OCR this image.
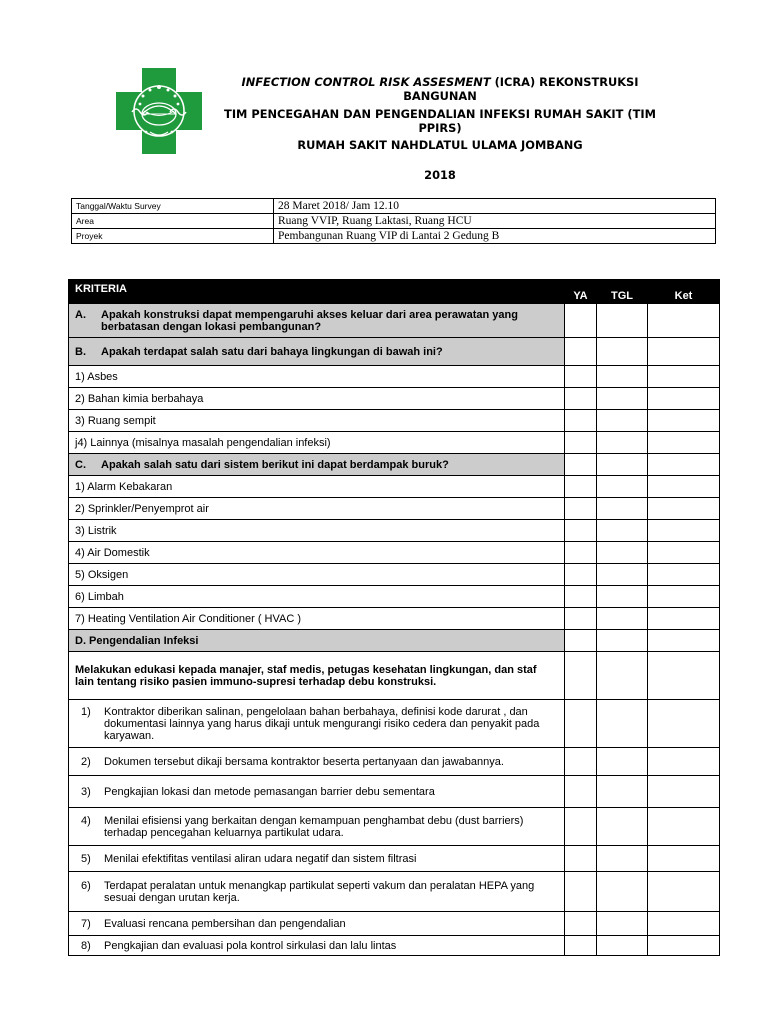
INFECTION CONTROL RISK ASSESMENT (ICRA) REKONSTRUKSI BANGUNAN
TIM PENCEGAHAN DAN PENGENDALIAN INFEKSI RUMAH SAKIT (TIM PPIRS)
RUMAH SAKIT NAHDLATUL ULAMA JOMBANG
2018
Tanggal/Waktu Survey	28 Maret 2018/ Jam 12.10
Area	Ruang VVIP, Ruang Laktasi, Ruang HCU
Proyek	Pembangunan Ruang VIP di Lantai 2 Gedung B
KRITERIA	YA	TGL	Ket

A. Apakah konstruksi dapat mempengaruhi akses keluar dari area perawatan yang berbatasan dengan lokasi pembangunan?			

B. Apakah terdapat salah satu dari bahaya lingkungan di bawah ini?			

1) Asbes			
2) Bahan kimia berbahaya			
3) Ruang sempit			
j4) Lainnya (misalnya masalah pengendalian infeksi)			

C. Apakah salah satu dari sistem berikut ini dapat berdampak buruk?			

1) Alarm Kebakaran			
2) Sprinkler/Penyemprot air			
3) Listrik			
4) Air Domestik			
5) Oksigen			
6) Limbah			
7) Heating Ventilation Air Conditioner ( HVAC )			
D. Pengendalian Infeksi			
Melakukan edukasi kepada manajer, staf medis, petugas kesehatan lingkungan, dan staf lain tentang risiko pasien immuno-supresi terhadap debu konstruksi.			

1) Kontraktor diberikan salinan, pengelolaan bahan berbahaya, definisi kode darurat , dan dokumentasi lainnya yang harus dikaji untuk mengurangi risiko cedera dan penyakit pada karyawan.			

2) Dokumen tersebut dikaji bersama kontraktor beserta pertanyaan dan jawabannya.			

3) Pengkajian lokasi dan metode pemasangan barrier debu sementara			

4) Menilai efisiensi yang berkaitan dengan kemampuan penghambat debu (dust barriers) terhadap pencegahan keluarnya partikulat udara.			

5) Menilai efektifitas ventilasi aliran udara negatif dan sistem filtrasi			

6) Terdapat peralatan untuk menangkap partikulat seperti vakum dan peralatan HEPA yang sesuai dengan urutan kerja.			

7) Evaluasi rencana pembersihan dan pengendalian			

8) Pengkajian dan evaluasi pola kontrol sirkulasi dan lalu lintas			
